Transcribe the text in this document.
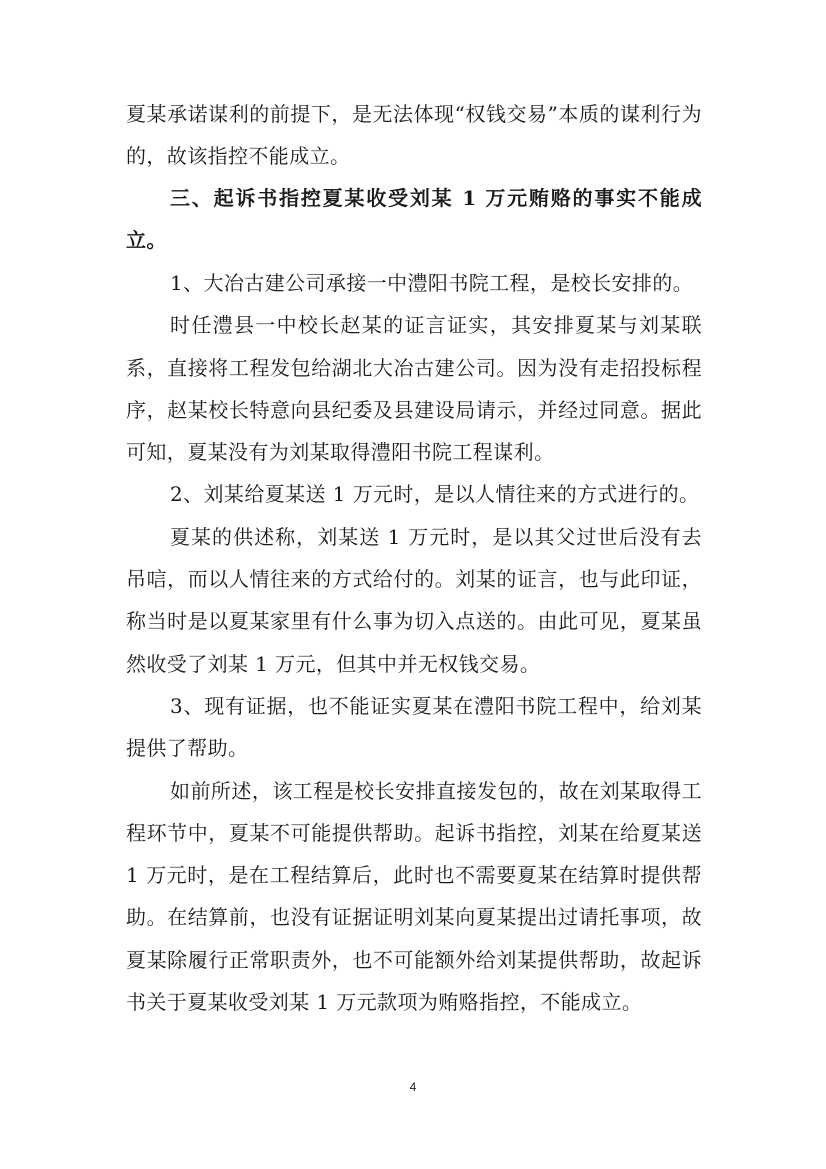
夏某承诺谋利的前提下，是无法体现“权钱交易”本质的谋利行为的，故该指控不能成立。

三、起诉书指控夏某收受刘某 1 万元贿赂的事实不能成立。

1、大冶古建公司承接一中澧阳书院工程，是校长安排的。

时任澧县一中校长赵某的证言证实，其安排夏某与刘某联系，直接将工程发包给湖北大冶古建公司。因为没有走招投标程序，赵某校长特意向县纪委及县建设局请示，并经过同意。据此可知，夏某没有为刘某取得澧阳书院工程谋利。

2、刘某给夏某送 1 万元时，是以人情往来的方式进行的。

夏某的供述称，刘某送 1 万元时，是以其父过世后没有去吊唁，而以人情往来的方式给付的。刘某的证言，也与此印证，称当时是以夏某家里有什么事为切入点送的。由此可见，夏某虽然收受了刘某 1 万元，但其中并无权钱交易。

3、现有证据，也不能证实夏某在澧阳书院工程中，给刘某提供了帮助。

如前所述，该工程是校长安排直接发包的，故在刘某取得工程环节中，夏某不可能提供帮助。起诉书指控，刘某在给夏某送 1 万元时，是在工程结算后，此时也不需要夏某在结算时提供帮助。在结算前，也没有证据证明刘某向夏某提出过请托事项，故夏某除履行正常职责外，也不可能额外给刘某提供帮助，故起诉书关于夏某收受刘某 1 万元款项为贿赂指控，不能成立。

4
